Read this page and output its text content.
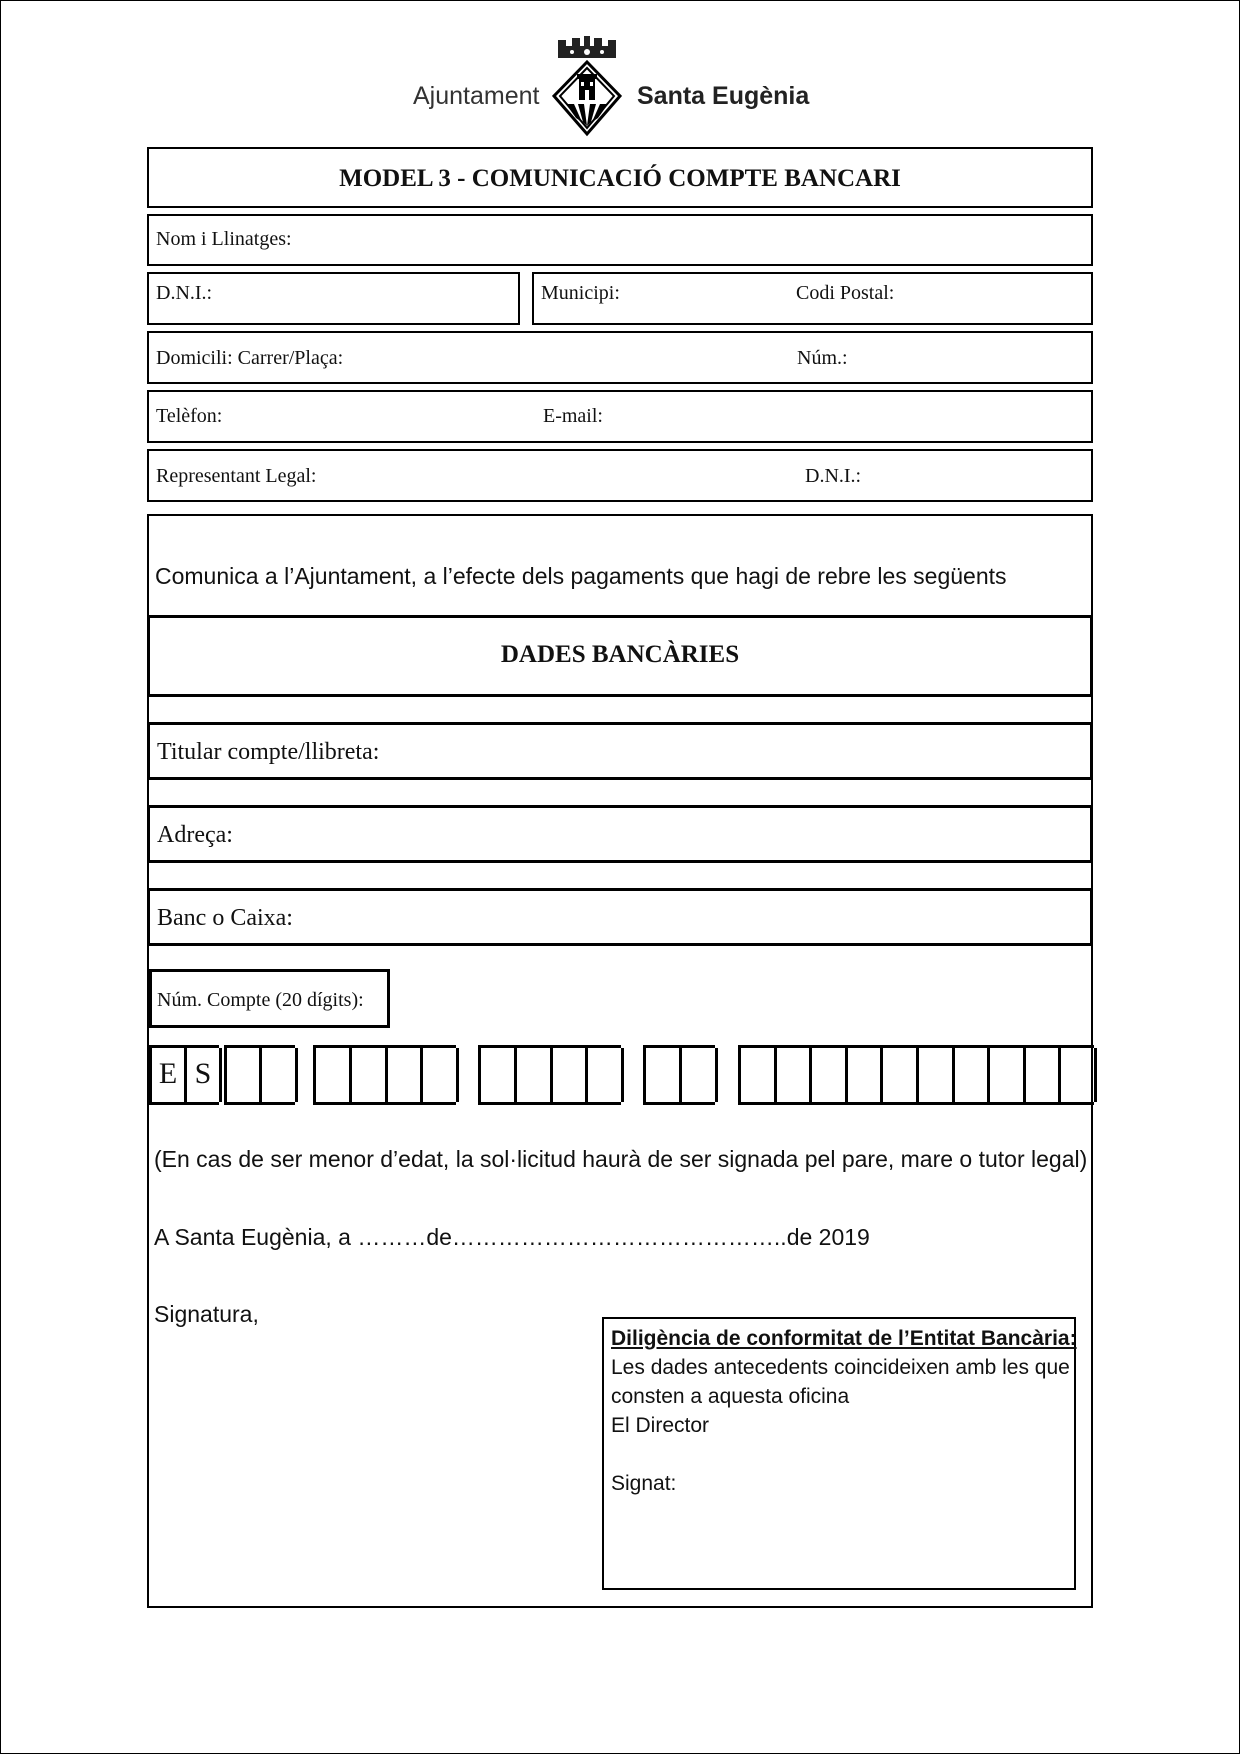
Ajuntament	Santa Eugènia
MODEL 3 - COMUNICACIÓ COMPTE BANCARI
Nom i Llinatges:
D.N.I.:	Municipi:	Codi Postal:
Domicili: Carrer/Plaça:	Núm.:
Telèfon:	E-mail:
Representant Legal:	D.N.I.:
Comunica a l’Ajuntament, a l’efecte dels pagaments que hagi de rebre les següents
DADES BANCÀRIES
Titular compte/llibreta:
Adreça:
Banc o Caixa:
Núm. Compte (20 dígits):
E S
(En cas de ser menor d’edat, la sol·licitud haurà de ser signada pel pare, mare o tutor legal)
A Santa Eugènia, a ………de……………………………………..de 2019
Signatura,
Diligència de conformitat de l’Entitat Bancària:
Les dades antecedents coincideixen amb les que
consten a aquesta oficina
El Director
Signat:
